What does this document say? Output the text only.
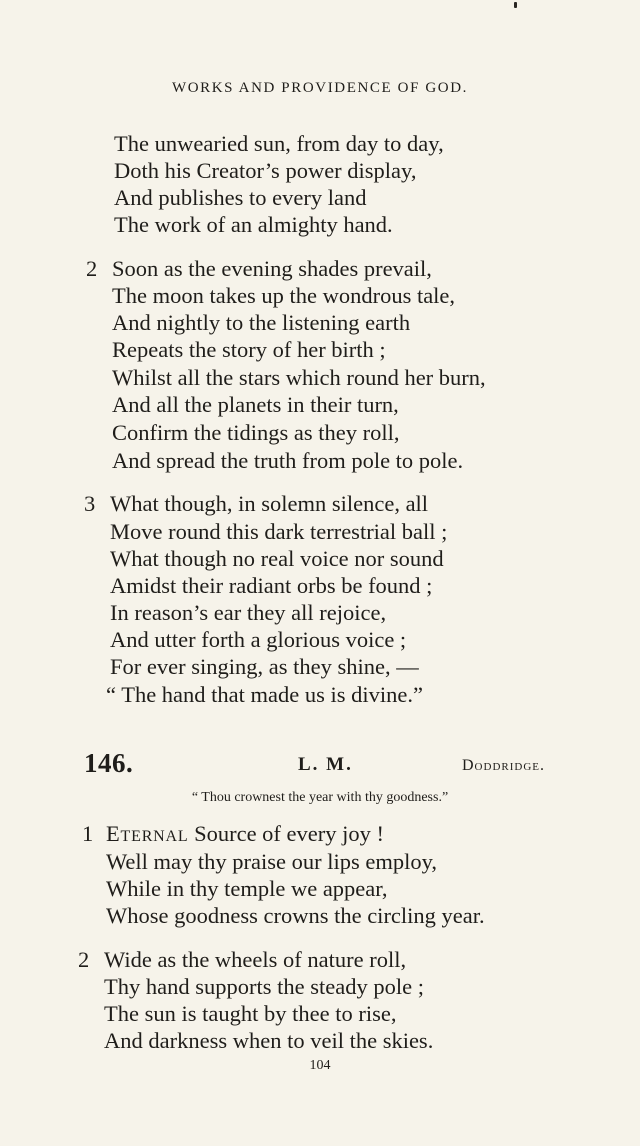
WORKS AND PROVIDENCE OF GOD.
The unwearied sun, from day to day,
Doth his Creator’s power display,
And publishes to every land
The work of an almighty hand.
2 Soon as the evening shades prevail,
The moon takes up the wondrous tale,
And nightly to the listening earth
Repeats the story of her birth ;
Whilst all the stars which round her burn,
And all the planets in their turn,
Confirm the tidings as they roll,
And spread the truth from pole to pole.
3 What though, in solemn silence, all
Move round this dark terrestrial ball ;
What though no real voice nor sound
Amidst their radiant orbs be found ;
In reason’s ear they all rejoice,
And utter forth a glorious voice ;
For ever singing, as they shine, —
“ The hand that made us is divine.”
146.	L. M.	Doddridge.
“ Thou crownest the year with thy goodness.”
1 Eternal Source of every joy !
Well may thy praise our lips employ,
While in thy temple we appear,
Whose goodness crowns the circling year.
2 Wide as the wheels of nature roll,
Thy hand supports the steady pole ;
The sun is taught by thee to rise,
And darkness when to veil the skies.
104
